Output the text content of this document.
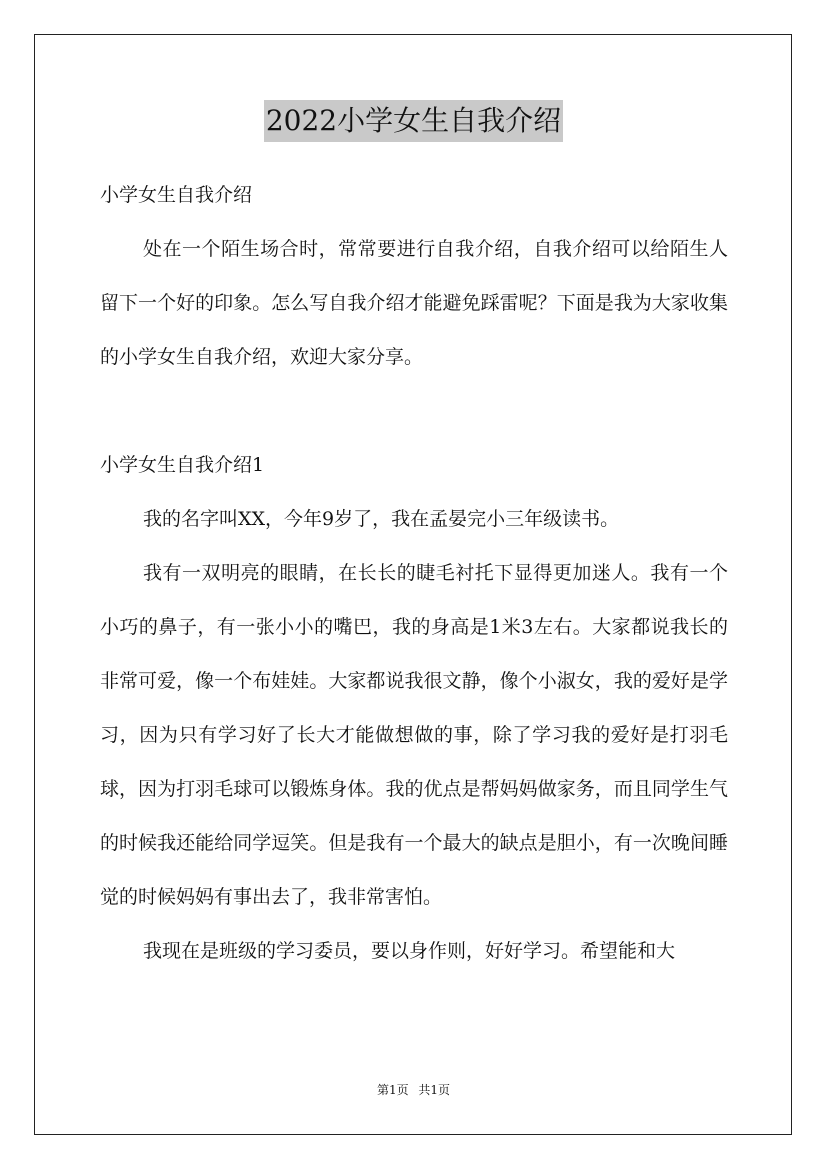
2022小学女生自我介绍

小学女生自我介绍

处在一个陌生场合时，常常要进行自我介绍，自我介绍可以给陌生人留下一个好的印象。怎么写自我介绍才能避免踩雷呢？下面是我为大家收集的小学女生自我介绍，欢迎大家分享。

小学女生自我介绍1

我的名字叫XX，今年9岁了，我在孟晏完小三年级读书。

我有一双明亮的眼睛，在长长的睫毛衬托下显得更加迷人。我有一个小巧的鼻子，有一张小小的嘴巴，我的身高是1米3左右。大家都说我长的非常可爱，像一个布娃娃。大家都说我很文静，像个小淑女，我的爱好是学习，因为只有学习好了长大才能做想做的事，除了学习我的爱好是打羽毛球，因为打羽毛球可以锻炼身体。我的优点是帮妈妈做家务，而且同学生气的时候我还能给同学逗笑。但是我有一个最大的缺点是胆小，有一次晚间睡觉的时候妈妈有事出去了，我非常害怕。

我现在是班级的学习委员，要以身作则，好好学习。希望能和大

第1页 共1页
